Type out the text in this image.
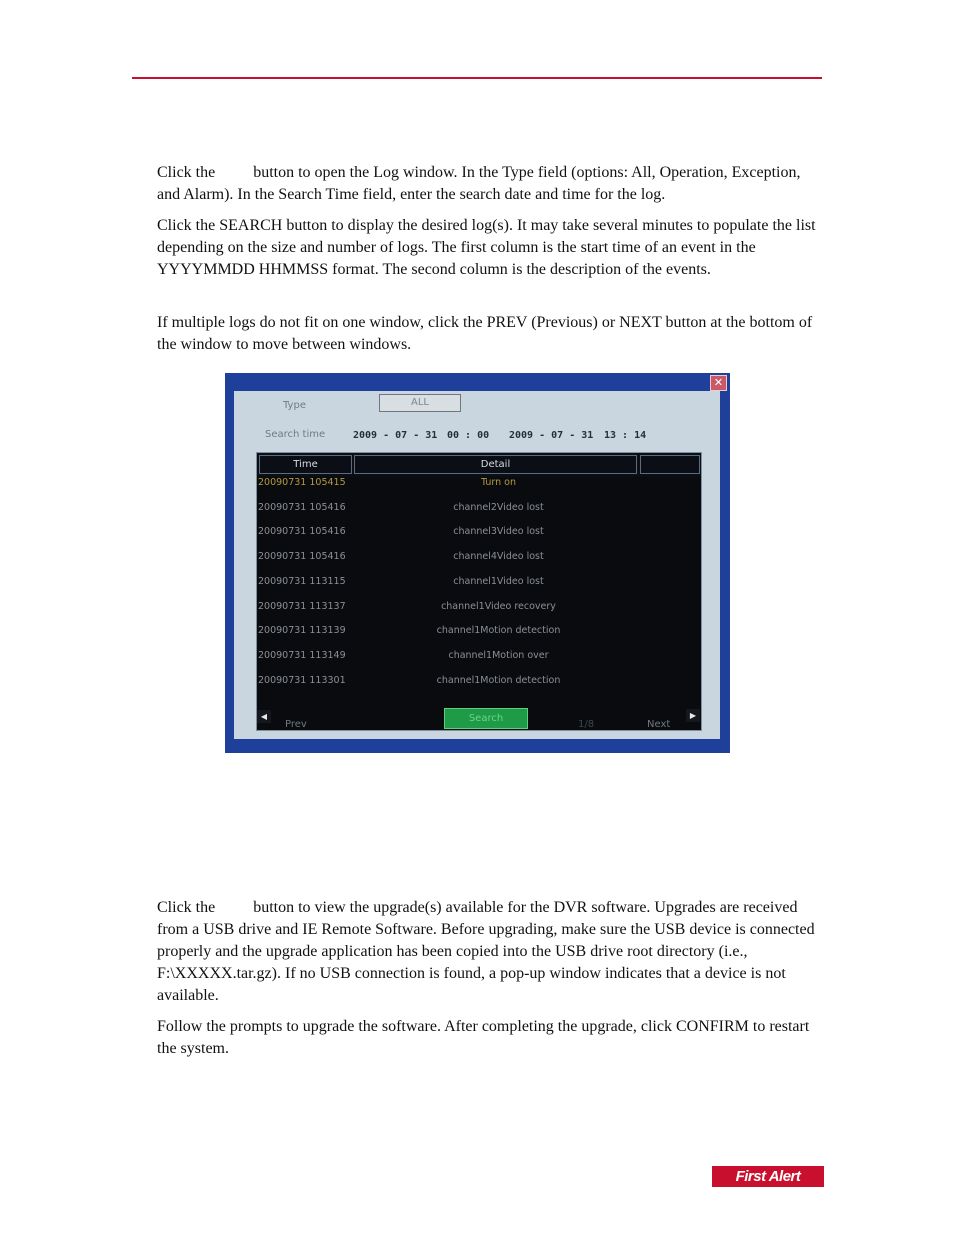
Click the button to open the Log window. In the Type field (options: All, Operation, Exception, and Alarm). In the Search Time field, enter the search date and time for the log.

Click the SEARCH button to display the desired log(s). It may take several minutes to populate the list depending on the size and number of logs. The first column is the start time of an event in the YYYYMMDD HHMMSS format. The second column is the description of the events.

If multiple logs do not fit on one window, click the PREV (Previous) or NEXT button at the bottom of the window to move between windows.

✕
Type	ALL
Search time	2009 - 07 - 31 00 : 00 2009 - 07 - 31 13 : 14
Time	Detail
20090731 105415	Turn on
20090731 105416	channel2Video lost
20090731 105416	channel3Video lost
20090731 105416	channel4Video lost
20090731 113115	channel1Video lost
20090731 113137	channel1Video recovery
20090731 113139	channel1Motion detection
20090731 113149	channel1Motion over
20090731 113301	channel1Motion detection
◀
Prev
Search
1/8	Next
▶

Click the button to view the upgrade(s) available for the DVR software. Upgrades are received from a USB drive and IE Remote Software. Before upgrading, make sure the USB device is connected properly and the upgrade application has been copied into the USB drive root directory (i.e., F:\XXXXX.tar.gz). If no USB connection is found, a pop-up window indicates that a device is not available.

Follow the prompts to upgrade the software. After completing the upgrade, click CONFIRM to restart the system.

First Alert
